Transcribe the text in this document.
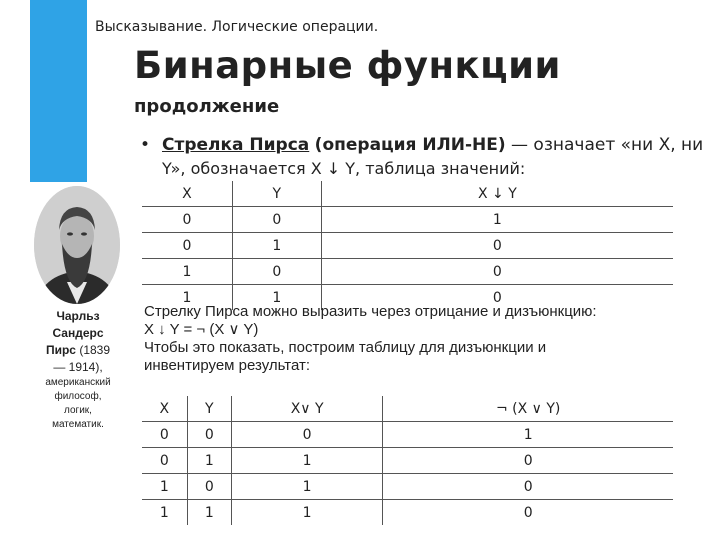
Высказывание. Логические операции.
Бинарные функции
продолжение
• Стрелка Пирса (операция ИЛИ-НЕ) — означает «ни X, ни
Y», обозначается X ↓ Y, таблица значений:
Чарльз
Сандерс
Пирс (1839
— 1914),
американский
философ,
логик,
математик.
X	Y	X ↓ Y
0	0	1
0	1	0
1	0	0
1	1	0
Стрелку Пирса можно выразить через отрицание и дизъюнкцию:
X ↓ Y = ¬ (X ∨ Y)
Чтобы это показать, построим таблицу для дизъюнкции и
инвентируем результат:
X	Y	X∨ Y	¬ (X ∨ Y)
0	0	0	1
0	1	1	0
1	0	1	0
1	1	1	0
